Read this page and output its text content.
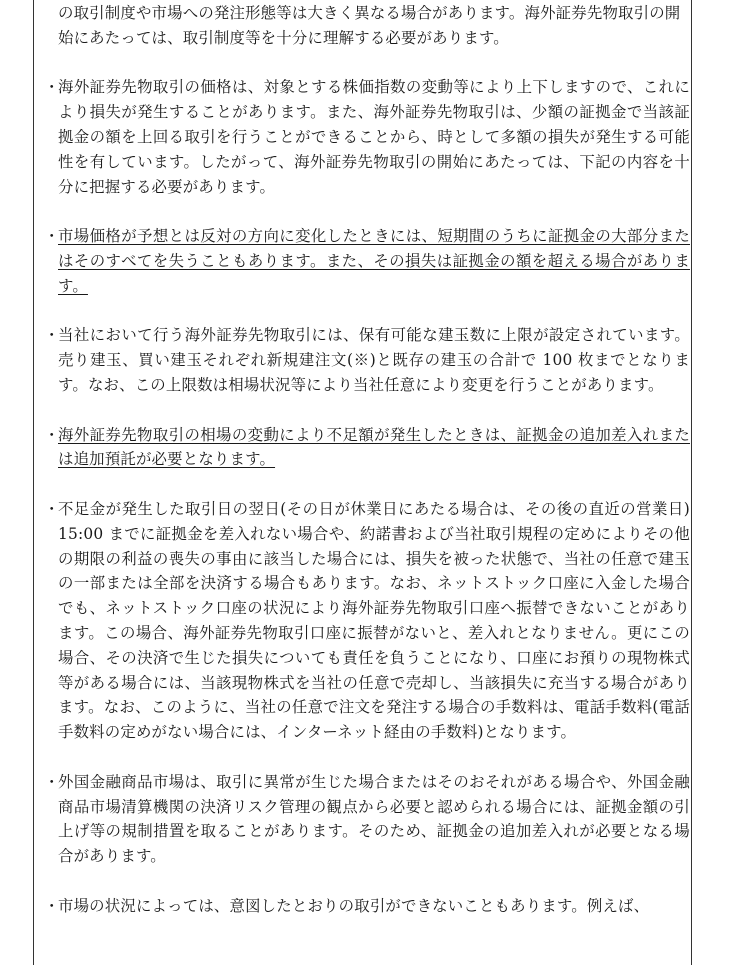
の取引制度や市場への発注形態等は大きく異なる場合があります。海外証券先物取引の開始にあたっては、取引制度等を十分に理解する必要があります。

・
海外証券先物取引の価格は、対象とする株価指数の変動等により上下しますので、これにより損失が発生することがあります。また、海外証券先物取引は、少額の証拠金で当該証拠金の額を上回る取引を行うことができることから、時として多額の損失が発生する可能性を有しています。したがって、海外証券先物取引の開始にあたっては、下記の内容を十分に把握する必要があります。
・
市場価格が予想とは反対の方向に変化したときには、短期間のうちに証拠金の大部分またはそのすべてを失うこともあります。また、その損失は証拠金の額を超える場合があります。
・
当社において行う海外証券先物取引には、保有可能な建玉数に上限が設定されています。売り建玉、買い建玉それぞれ新規建注文(※)と既存の建玉の合計で 100 枚までとなります。なお、この上限数は相場状況等により当社任意により変更を行うことがあります。
・
海外証券先物取引の相場の変動により不足額が発生したときは、証拠金の追加差入れまたは追加預託が必要となります。
・
不足金が発生した取引日の翌日(その日が休業日にあたる場合は、その後の直近の営業日) 15:00 までに証拠金を差入れない場合や、約諾書および当社取引規程の定めによりその他の期限の利益の喪失の事由に該当した場合には、損失を被った状態で、当社の任意で建玉の一部または全部を決済する場合もあります。なお、ネットストック口座に入金した場合でも、ネットストック口座の状況により海外証券先物取引口座へ振替できないことがあります。この場合、海外証券先物取引口座に振替がないと、差入れとなりません。更にこの場合、その決済で生じた損失についても責任を負うことになり、口座にお預りの現物株式等がある場合には、当該現物株式を当社の任意で売却し、当該損失に充当する場合があります。なお、このように、当社の任意で注文を発注する場合の手数料は、電話手数料(電話手数料の定めがない場合には、インターネット経由の手数料)となります。
・
外国金融商品市場は、取引に異常が生じた場合またはそのおそれがある場合や、外国金融商品市場清算機関の決済リスク管理の観点から必要と認められる場合には、証拠金額の引上げ等の規制措置を取ることがあります。そのため、証拠金の追加差入れが必要となる場合があります。
・
市場の状況によっては、意図したとおりの取引ができないこともあります。例えば、
